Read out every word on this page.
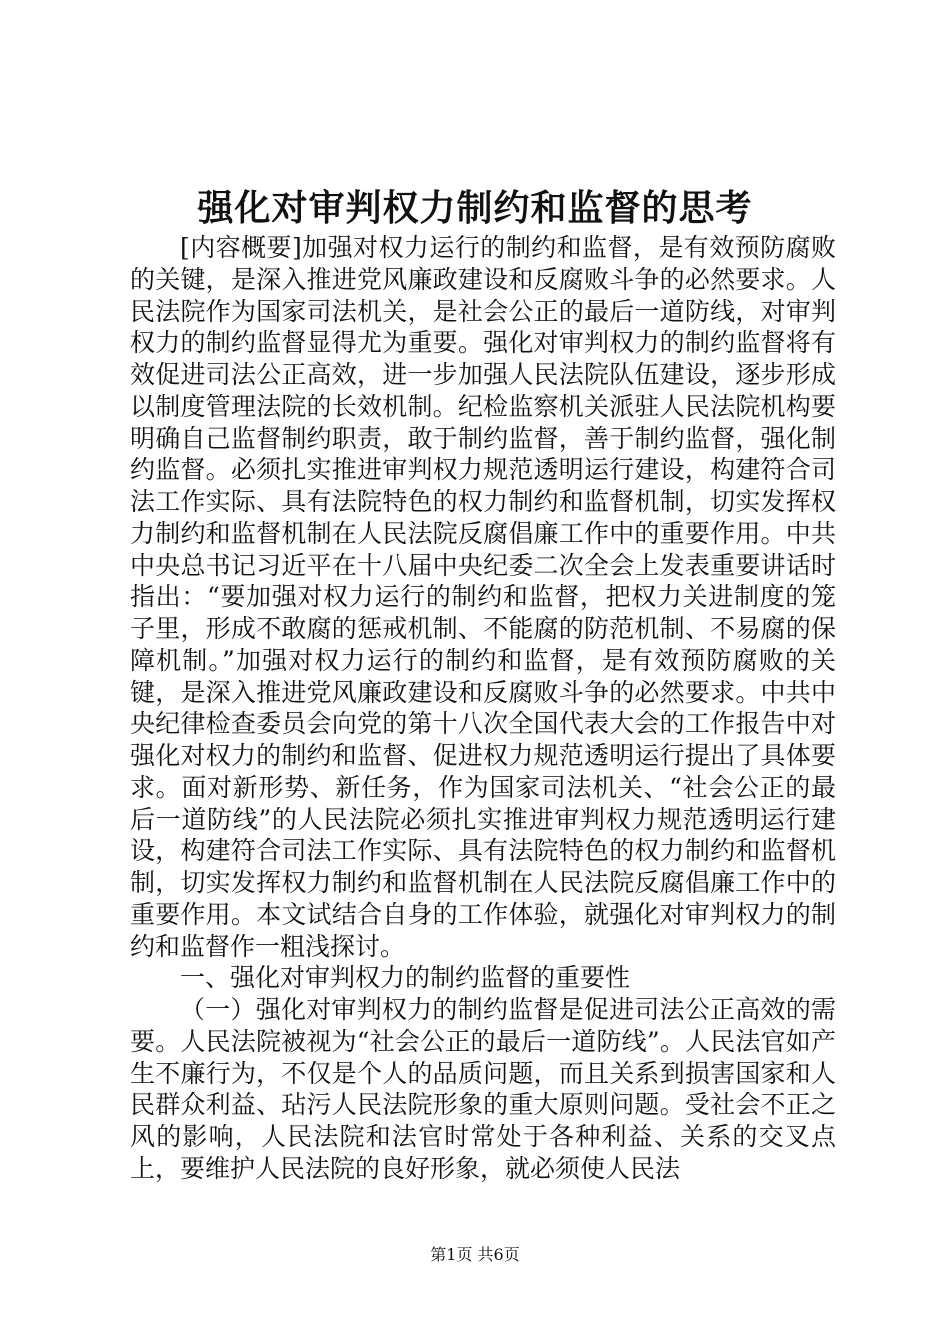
强化对审判权力制约和监督的思考

[内容概要]加强对权力运行的制约和监督，是有效预防腐败的关键，是深入推进党风廉政建设和反腐败斗争的必然要求。人民法院作为国家司法机关，是社会公正的最后一道防线，对审判权力的制约监督显得尤为重要。强化对审判权力的制约监督将有效促进司法公正高效，进一步加强人民法院队伍建设，逐步形成以制度管理法院的长效机制。纪检监察机关派驻人民法院机构要明确自己监督制约职责，敢于制约监督，善于制约监督，强化制约监督。必须扎实推进审判权力规范透明运行建设，构建符合司法工作实际、具有法院特色的权力制约和监督机制，切实发挥权力制约和监督机制在人民法院反腐倡廉工作中的重要作用。中共中央总书记习近平在十八届中央纪委二次全会上发表重要讲话时指出：“要加强对权力运行的制约和监督，把权力关进制度的笼子里，形成不敢腐的惩戒机制、不能腐的防范机制、不易腐的保障机制。”加强对权力运行的制约和监督，是有效预防腐败的关键，是深入推进党风廉政建设和反腐败斗争的必然要求。中共中央纪律检查委员会向党的第十八次全国代表大会的工作报告中对强化对权力的制约和监督、促进权力规范透明运行提出了具体要求。面对新形势、新任务，作为国家司法机关、“社会公正的最后一道防线”的人民法院必须扎实推进审判权力规范透明运行建设，构建符合司法工作实际、具有法院特色的权力制约和监督机制，切实发挥权力制约和监督机制在人民法院反腐倡廉工作中的重要作用。本文试结合自身的工作体验，就强化对审判权力的制约和监督作一粗浅探讨。

一、强化对审判权力的制约监督的重要性

（一）强化对审判权力的制约监督是促进司法公正高效的需要。人民法院被视为“社会公正的最后一道防线”。人民法官如产生不廉行为，不仅是个人的品质问题，而且关系到损害国家和人民群众利益、玷污人民法院形象的重大原则问题。受社会不正之风的影响，人民法院和法官时常处于各种利益、关系的交叉点上，要维护人民法院的良好形象，就必须使人民法

第1页 共6页
